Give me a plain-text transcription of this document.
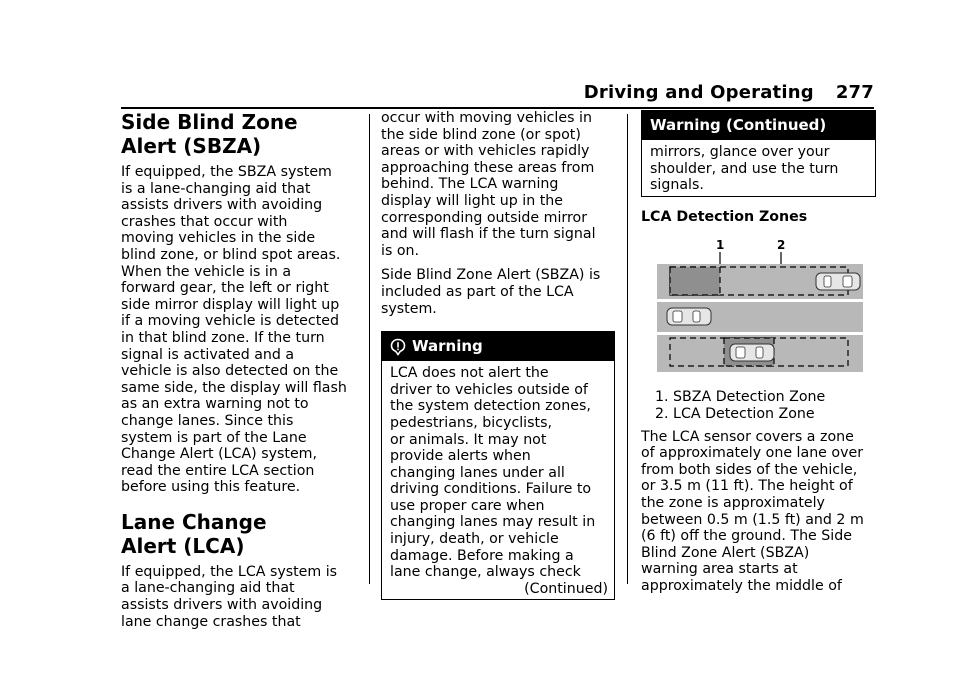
Driving and Operating 277
Side Blind Zone
Alert (SBZA)

If equipped, the SBZA system
is a lane-changing aid that
assists drivers with avoiding
crashes that occur with
moving vehicles in the side
blind zone, or blind spot areas.
When the vehicle is in a
forward gear, the left or right
side mirror display will light up
if a moving vehicle is detected
in that blind zone. If the turn
signal is activated and a
vehicle is also detected on the
same side, the display will flash
as an extra warning not to
change lanes. Since this
system is part of the Lane
Change Alert (LCA) system,
read the entire LCA section
before using this feature.

Lane Change
Alert (LCA)

If equipped, the LCA system is
a lane-changing aid that
assists drivers with avoiding
lane change crashes that

occur with moving vehicles in
the side blind zone (or spot)
areas or with vehicles rapidly
approaching these areas from
behind. The LCA warning
display will light up in the
corresponding outside mirror
and will flash if the turn signal
is on.

Side Blind Zone Alert (SBZA) is
included as part of the LCA
system.

Warning
LCA does not alert the
driver to vehicles outside of
the system detection zones,
pedestrians, bicyclists,
or animals. It may not
provide alerts when
changing lanes under all
driving conditions. Failure to
use proper care when
changing lanes may result in
injury, death, or vehicle
damage. Before making a
lane change, always check
(Continued)
Warning (Continued)
mirrors, glance over your
shoulder, and use the turn
signals.
LCA Detection Zones
1	2
1. SBZA Detection Zone
2. LCA Detection Zone

The LCA sensor covers a zone
of approximately one lane over
from both sides of the vehicle,
or 3.5 m (11 ft). The height of
the zone is approximately
between 0.5 m (1.5 ft) and 2 m
(6 ft) off the ground. The Side
Blind Zone Alert (SBZA)
warning area starts at
approximately the middle of
